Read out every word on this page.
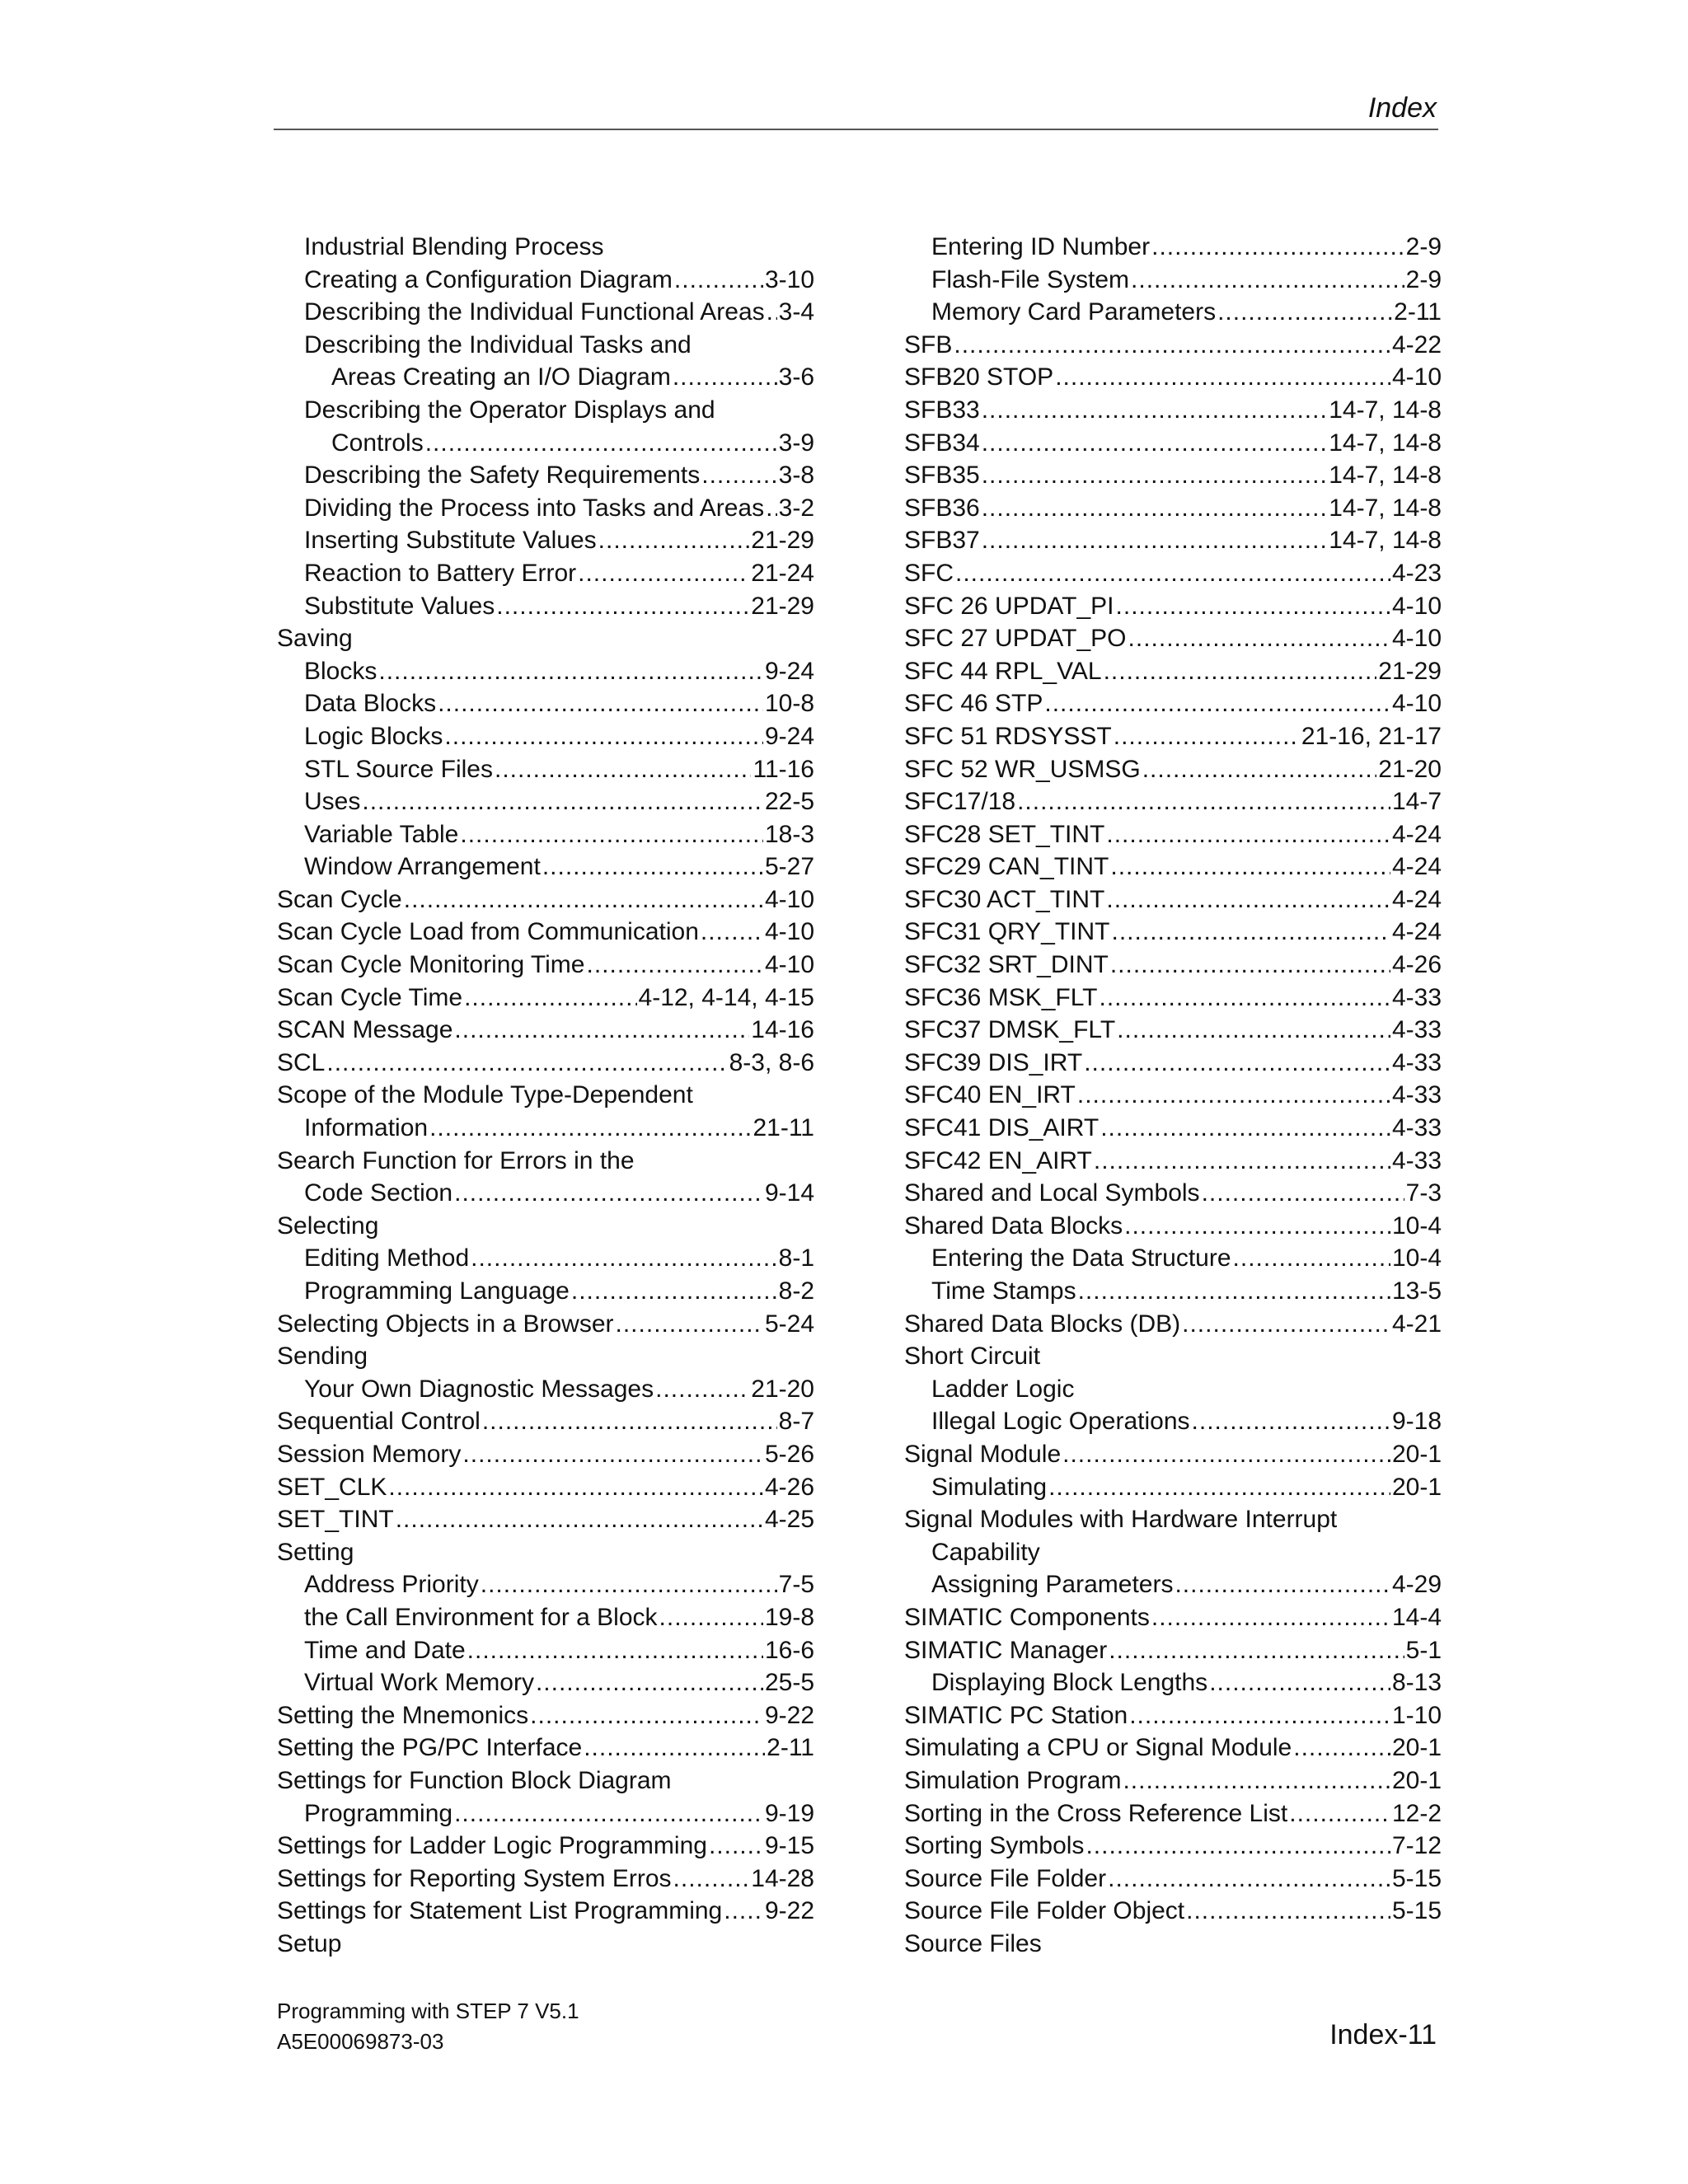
Index
Industrial Blending Process
Creating a Configuration Diagram .....	3-10
Describing the Individual Functional Areas ..... 3-4
Describing the Individual Tasks and
Areas Creating an I/O Diagram .....	3-6
Describing the Operator Displays and
Controls .....	3-9
Describing the Safety Requirements .....	3-8
Dividing the Process into Tasks and Areas ..... 3-2
Inserting Substitute Values .....	21-29
Reaction to Battery Error .....	21-24
Substitute Values .....	21-29
Saving
Blocks .....	9-24
Data Blocks .....	10-8
Logic Blocks .....	9-24
STL Source Files .....	11-16
Uses .....	22-5
Variable Table .....	18-3
Window Arrangement .....	5-27
Scan Cycle .....	4-10
Scan Cycle Load from Communication .....	4-10
Scan Cycle Monitoring Time .....	4-10
Scan Cycle Time .....	4-12, 4-14, 4-15
SCAN Message .....	14-16
SCL .....	8-3, 8-6
Scope of the Module Type-Dependent
Information .....	21-11
Search Function for Errors in the
Code Section .....	9-14
Selecting
Editing Method .....	8-1
Programming Language .....	8-2
Selecting Objects in a Browser .....	5-24
Sending
Your Own Diagnostic Messages .....	21-20
Sequential Control .....	8-7
Session Memory .....	5-26
SET_CLK .....	4-26
SET_TINT .....	4-25
Setting
Address Priority .....	7-5
the Call Environment for a Block .....	19-8
Time and Date .....	16-6
Virtual Work Memory .....	25-5
Setting the Mnemonics .....	9-22
Setting the PG/PC Interface .....	2-11
Settings for Function Block Diagram
Programming .....	9-19
Settings for Ladder Logic Programming ..... 9-15
Settings for Reporting System Erros .....	14-28
Settings for Statement List Programming ..... 9-22
Setup
Entering ID Number .....	2-9
Flash-File System .....	2-9
Memory Card Parameters .....	2-11
SFB .....	4-22
SFB20 STOP .....	4-10
SFB33 .....	14-7, 14-8
SFB34 .....	14-7, 14-8
SFB35 .....	14-7, 14-8
SFB36 .....	14-7, 14-8
SFB37 .....	14-7, 14-8
SFC .....	4-23
SFC 26 UPDAT_PI .....	4-10
SFC 27 UPDAT_PO .....	4-10
SFC 44 RPL_VAL .....	21-29
SFC 46 STP .....	4-10
SFC 51 RDSYSST .....	21-16, 21-17
SFC 52 WR_USMSG .....	21-20
SFC17/18 .....	14-7
SFC28 SET_TINT .....	4-24
SFC29 CAN_TINT .....	4-24
SFC30 ACT_TINT .....	4-24
SFC31 QRY_TINT .....	4-24
SFC32 SRT_DINT .....	4-26
SFC36 MSK_FLT .....	4-33
SFC37 DMSK_FLT .....	4-33
SFC39 DIS_IRT .....	4-33
SFC40 EN_IRT .....	4-33
SFC41 DIS_AIRT .....	4-33
SFC42 EN_AIRT .....	4-33
Shared and Local Symbols .....	7-3
Shared Data Blocks .....	10-4
Entering the Data Structure .....	10-4
Time Stamps .....	13-5
Shared Data Blocks (DB) .....	4-21
Short Circuit
Ladder Logic
Illegal Logic Operations .....	9-18
Signal Module .....	20-1
Simulating .....	20-1
Signal Modules with Hardware Interrupt
Capability
Assigning Parameters .....	4-29
SIMATIC Components .....	14-4
SIMATIC Manager .....	5-1
Displaying Block Lengths .....	8-13
SIMATIC PC Station .....	1-10
Simulating a CPU or Signal Module .....	20-1
Simulation Program .....	20-1
Sorting in the Cross Reference List .....	12-2
Sorting Symbols .....	7-12
Source File Folder .....	5-15
Source File Folder Object .....	5-15
Source Files
Programming with STEP 7 V5.1
A5E00069873-03	Index-11
